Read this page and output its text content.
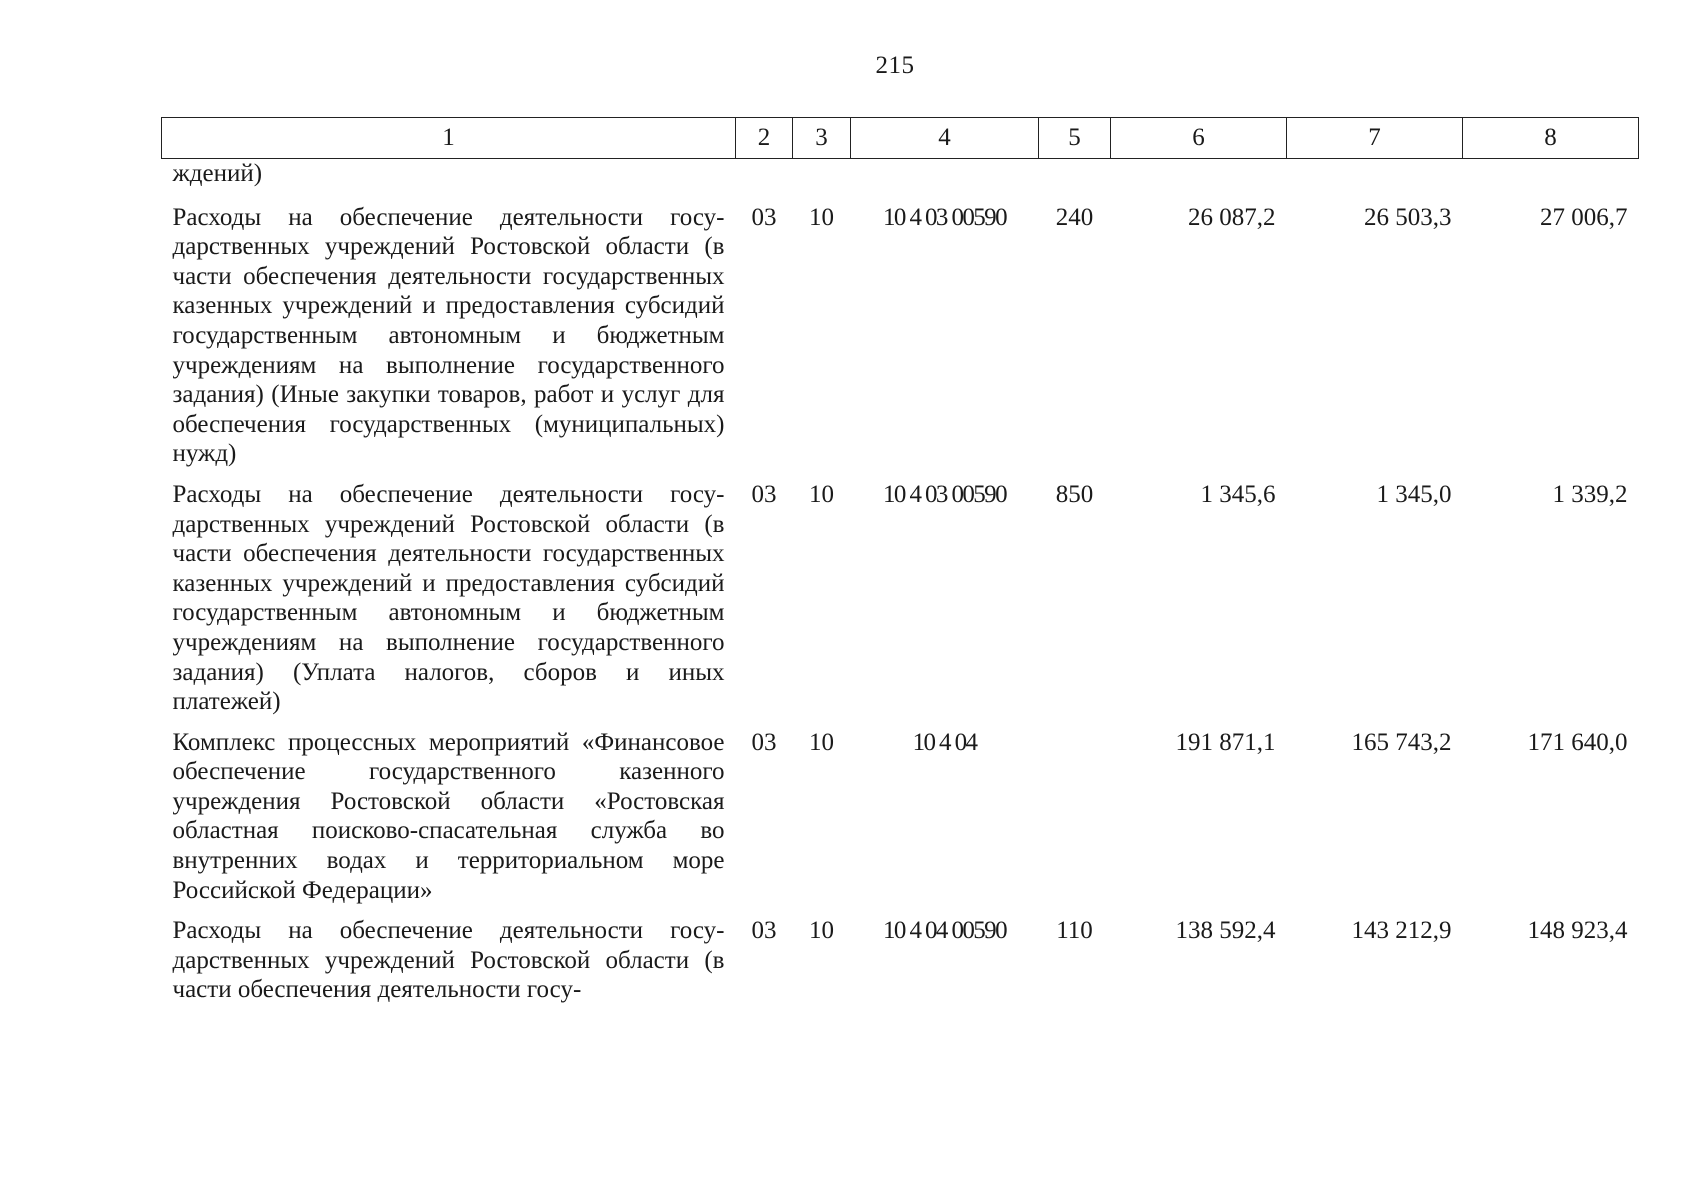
215
1	2	3	4	5	6	7	8
ждений)							
Расходы на обеспечение деятельности государственных учреждений Ростовской области (в части обеспечения деятельности государственных казенных учреждений и предоставления субсидий государственным автономным и бюджетным учреждениям на выполнение государственного задания) (Иные закупки товаров, работ и услуг для обеспечения государственных (муниципальных) нужд)	03	10	10 4 03 00590	240	26 087,2	26 503,3	27 006,7
Расходы на обеспечение деятельности государственных учреждений Ростовской области (в части обеспечения деятельности государственных казенных учреждений и предоставления субсидий государственным автономным и бюджетным учреждениям на выполнение государственного задания) (Уплата налогов, сборов и иных платежей)	03	10	10 4 03 00590	850	1 345,6	1 345,0	1 339,2
Комплекс процессных мероприятий «Финансовое обеспечение государственного казенного учреждения Ростовской области «Ростовская областная поисково-спасательная служба во внутренних водах и территориальном море Российской Федерации»	03	10	10 4 04		191 871,1	165 743,2	171 640,0
Расходы на обеспечение деятельности государственных учреждений Ростовской области (в части обеспечения деятельности госу-	03	10	10 4 04 00590	110	138 592,4	143 212,9	148 923,4
